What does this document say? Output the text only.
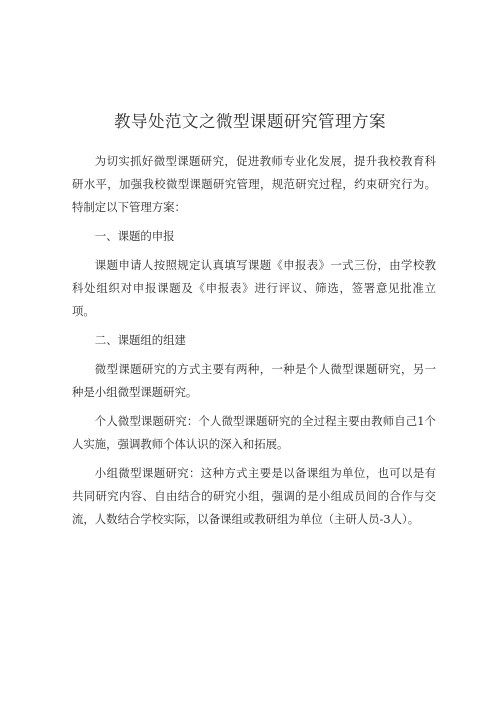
教导处范文之微型课题研究管理方案

为切实抓好微型课题研究，促进教师专业化发展，提升我校教育科研水平，加强我校微型课题研究管理，规范研究过程，约束研究行为。特制定以下管理方案：

一、课题的申报

课题申请人按照规定认真填写课题《申报表》一式三份，由学校教科处组织对申报课题及《申报表》进行评议、筛选，签署意见批准立项。

二、课题组的组建

微型课题研究的方式主要有两种，一种是个人微型课题研究，另一种是小组微型课题研究。

个人微型课题研究：个人微型课题研究的全过程主要由教师自己1个人实施，强调教师个体认识的深入和拓展。

小组微型课题研究：这种方式主要是以备课组为单位，也可以是有共同研究内容、自由结合的研究小组，强调的是小组成员间的合作与交流，人数结合学校实际，以备课组或教研组为单位（主研人员-3人）。
